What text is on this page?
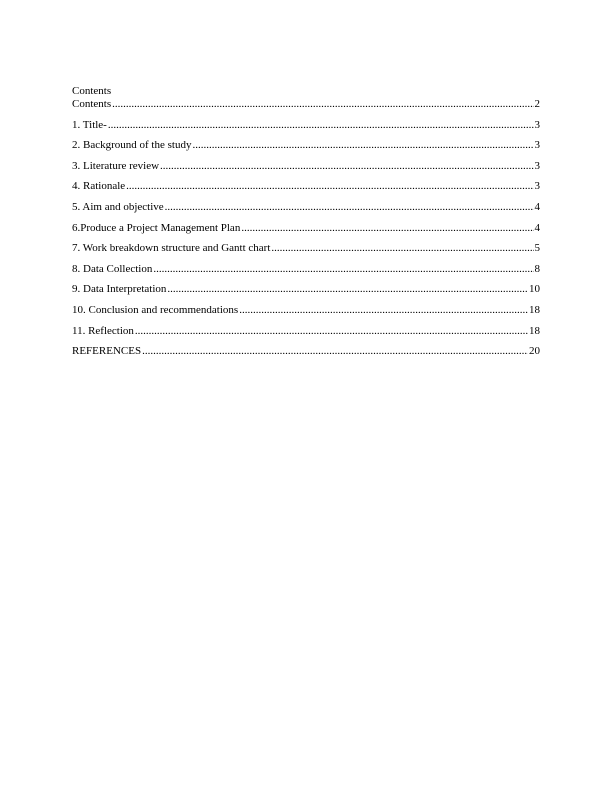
Contents
Contents .....	2
1. Title- .....	3
2. Background of the study .....	3
3. Literature review .....	3
4. Rationale .....	3
5. Aim and objective .....	4
6.Produce a Project Management Plan .....	4
7. Work breakdown structure and Gantt chart .....	5
8. Data Collection .....	8
9. Data Interpretation .....	10
10. Conclusion and recommendations .....	18
11. Reflection .....	18
REFERENCES .....	20
